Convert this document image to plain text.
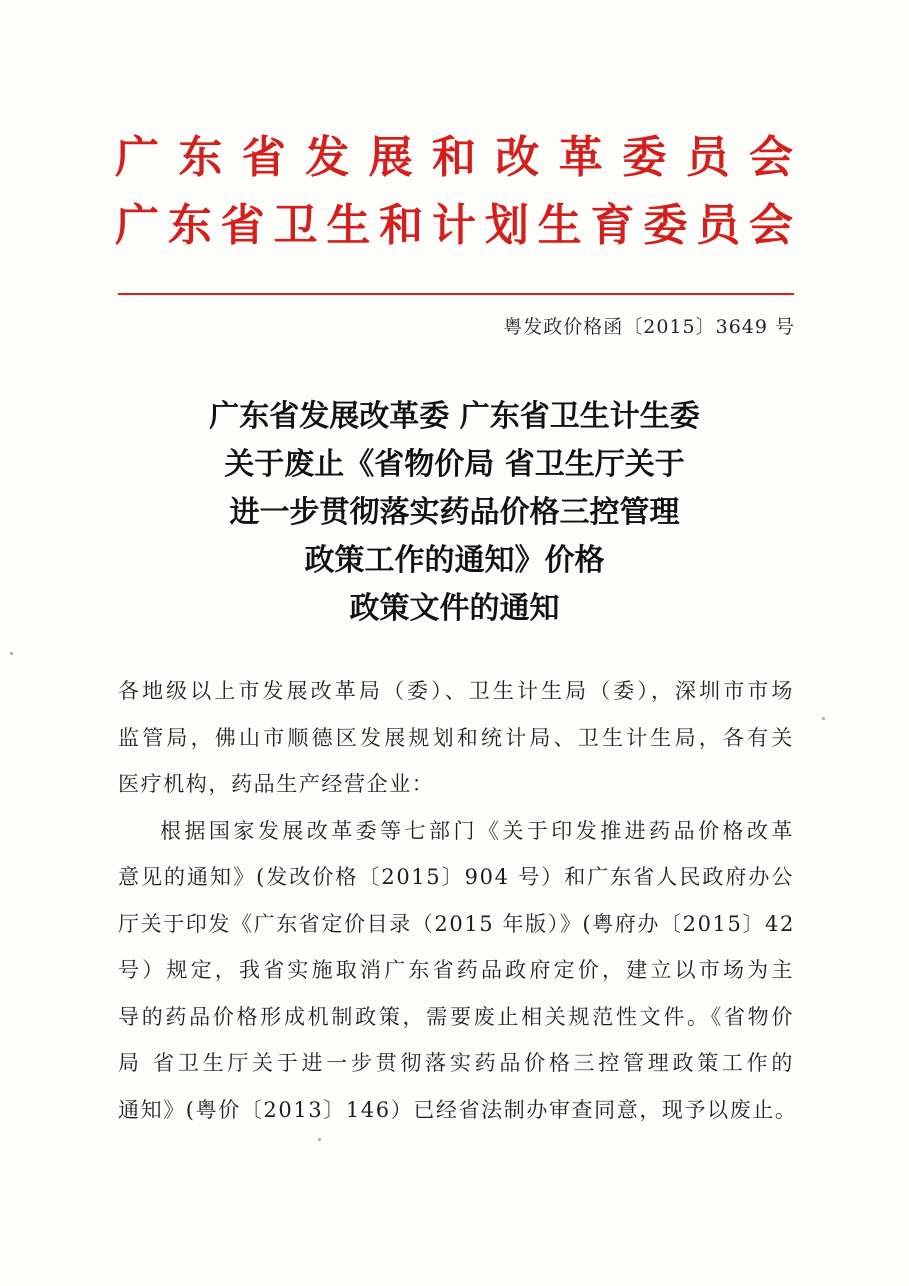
广东省发展和改革委员会
广东省卫生和计划生育委员会
粤发政价格函〔2015〕3649 号
广东省发展改革委 广东省卫生计生委
关于废止《省物价局 省卫生厅关于
进一步贯彻落实药品价格三控管理
政策工作的通知》价格
政策文件的通知
各地级以上市发展改革局（委）、卫生计生局（委），深圳市市场
监管局，佛山市顺德区发展规划和统计局、卫生计生局，各有关
医疗机构，药品生产经营企业：
根据国家发展改革委等七部门《关于印发推进药品价格改革
意见的通知》(发改价格〔2015〕904 号）和广东省人民政府办公
厅关于印发《广东省定价目录（2015 年版）》(粤府办〔2015〕42
号）规定，我省实施取消广东省药品政府定价，建立以市场为主
导的药品价格形成机制政策，需要废止相关规范性文件。《省物价
局 省卫生厅关于进一步贯彻落实药品价格三控管理政策工作的
通知》(粤价〔2013〕146）已经省法制办审查同意，现予以废止。
